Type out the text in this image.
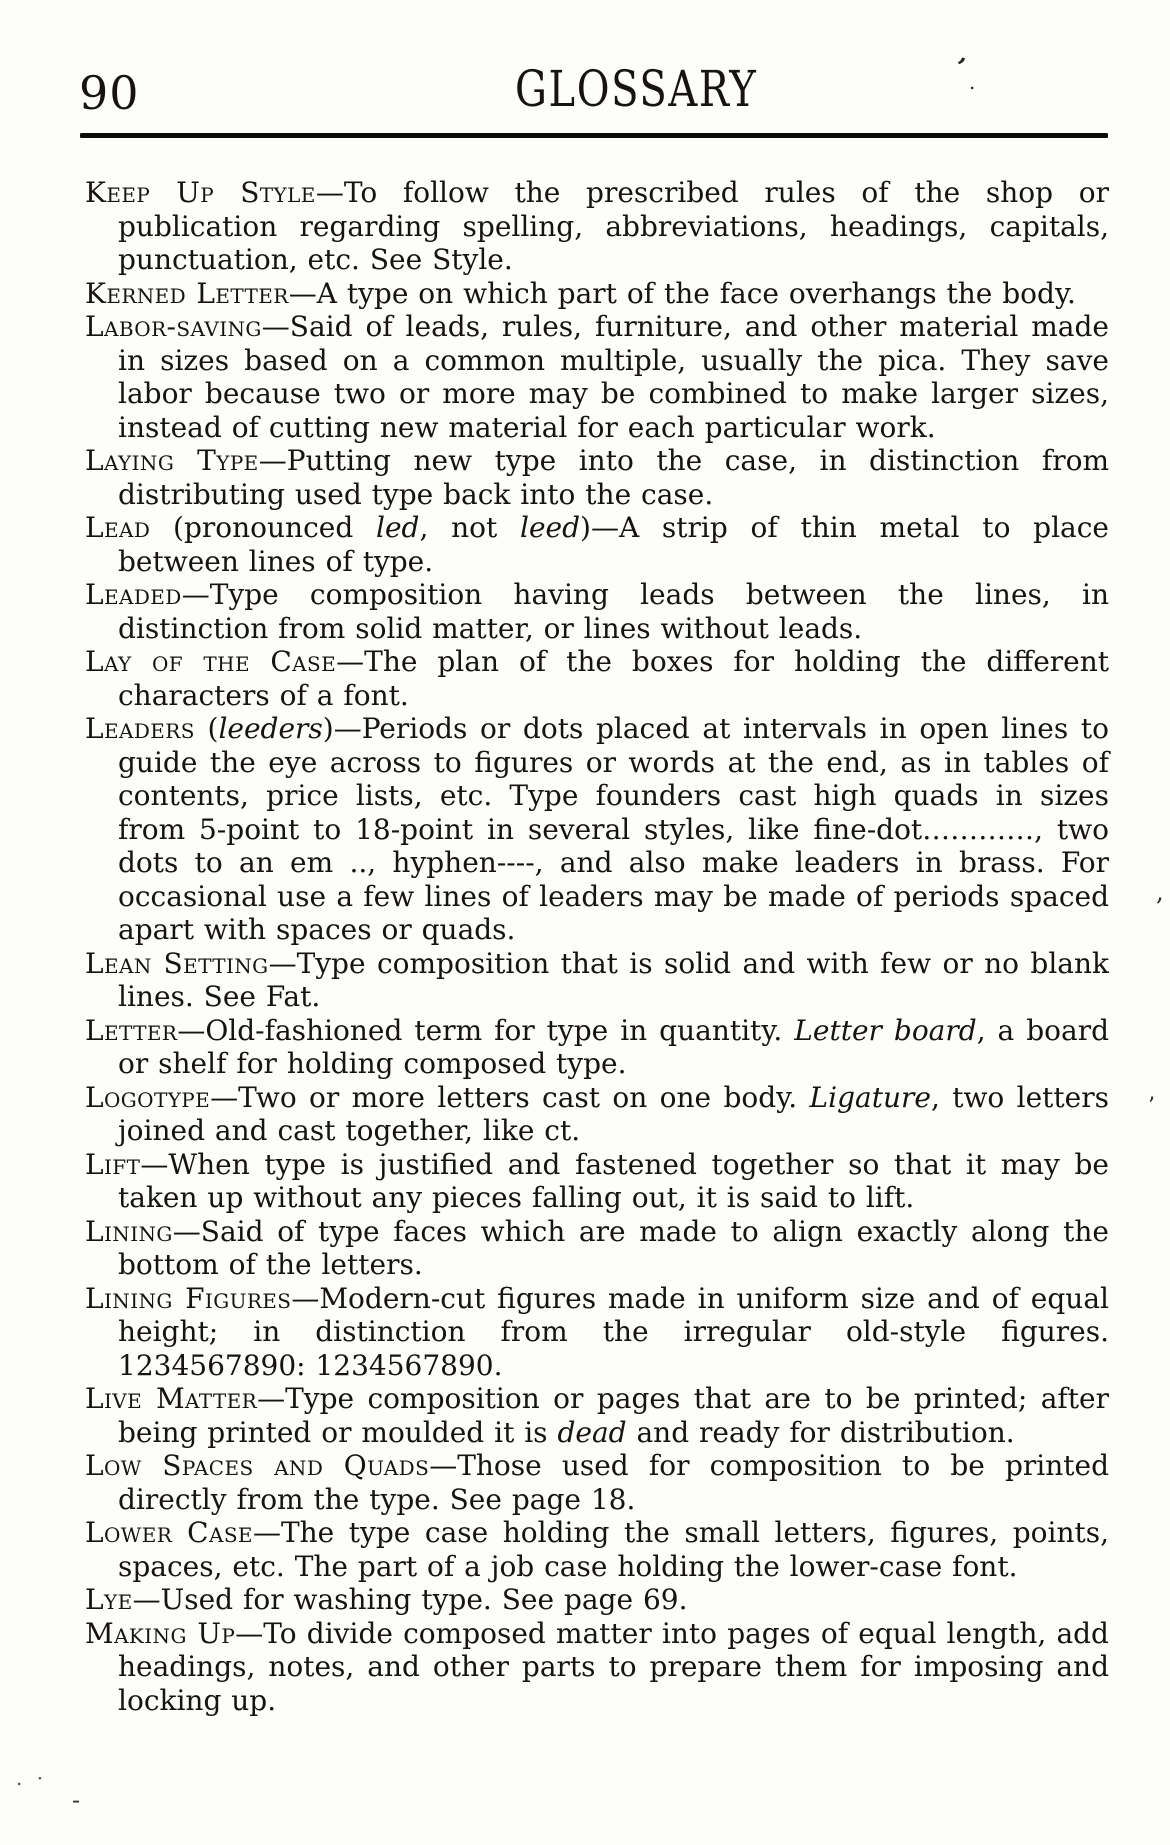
90	GLOSSARY

Keep Up Style—To follow the prescribed rules of the shop or publication regarding spelling, abbreviations, headings, capitals, punctuation, etc. See Style.

Kerned Letter—A type on which part of the face overhangs the body.

Labor-saving—Said of leads, rules, furniture, and other material made in sizes based on a common multiple, usually the pica. They save labor because two or more may be combined to make larger sizes, instead of cutting new material for each particular work.

Laying Type—Putting new type into the case, in distinction from distributing used type back into the case.

Lead (pronounced led, not leed)—A strip of thin metal to place between lines of type.

Leaded—Type composition having leads between the lines, in distinction from solid matter, or lines without leads.

Lay of the Case—The plan of the boxes for holding the different characters of a font.

Leaders (leeders)—Periods or dots placed at intervals in open lines to guide the eye across to figures or words at the end, as in tables of contents, price lists, etc. Type founders cast high quads in sizes from 5-point to 18-point in several styles, like fine-dot…………, two dots to an em .., hyphen----, and also make leaders in brass. For occasional use a few lines of leaders may be made of periods spaced apart with spaces or quads.

Lean Setting—Type composition that is solid and with few or no blank lines. See Fat.

Letter—Old-fashioned term for type in quantity. Letter board, a board or shelf for holding composed type.

Logotype—Two or more letters cast on one body. Ligature, two letters joined and cast together, like ct.

Lift—When type is justified and fastened together so that it may be taken up without any pieces falling out, it is said to lift.

Lining—Said of type faces which are made to align exactly along the bottom of the letters.

Lining Figures—Modern-cut figures made in uniform size and of equal height; in distinction from the irregular old-style figures. 1234567890: 1234567890.

Live Matter—Type composition or pages that are to be printed; after being printed or moulded it is dead and ready for distribution.

Low Spaces and Quads—Those used for composition to be printed directly from the type. See page 18.

Lower Case—The type case holding the small letters, figures, points, spaces, etc. The part of a job case holding the lower-case font.

Lye—Used for washing type. See page 69.

Making Up—To divide composed matter into pages of equal length, add headings, notes, and other parts to prepare them for imposing and locking up.

’ .
,
’
. ·
-
